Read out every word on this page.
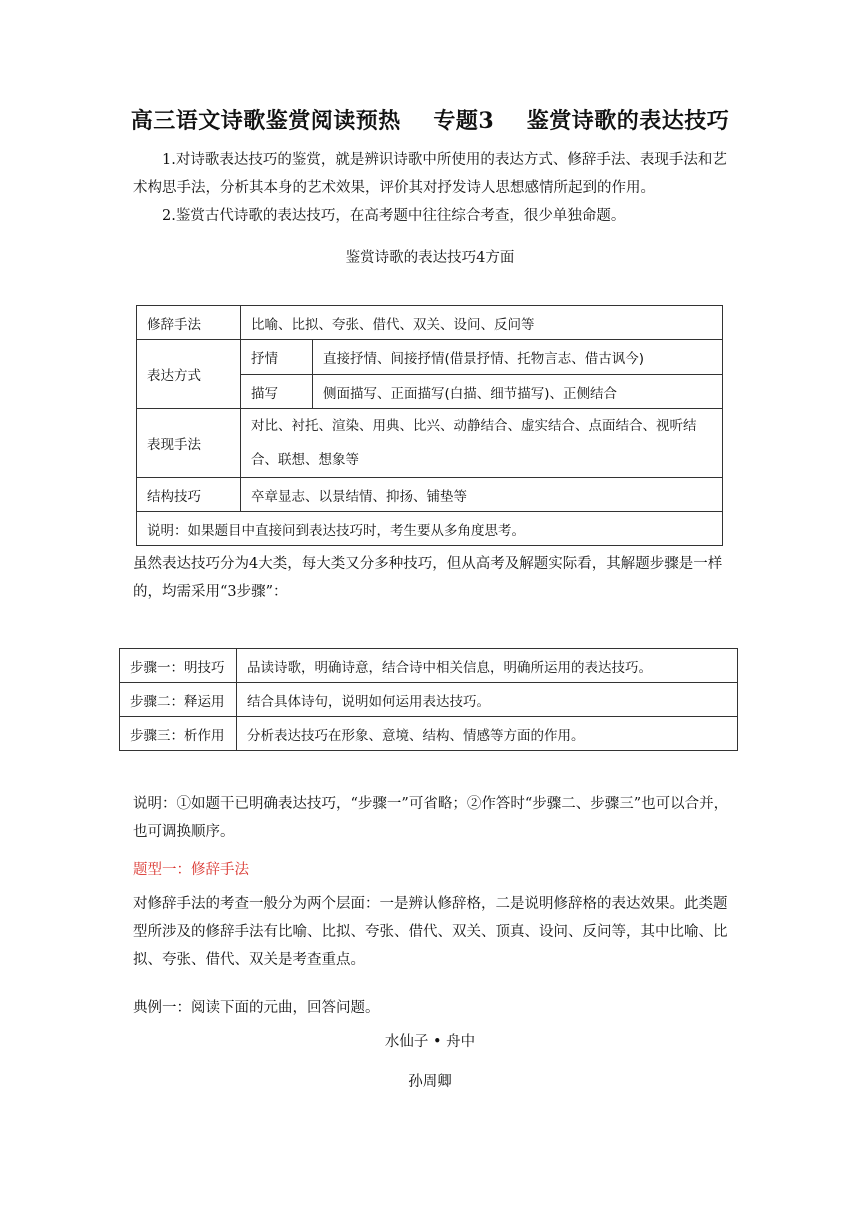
高三语文诗歌鉴赏阅读预热    专题3    鉴赏诗歌的表达技巧
1.对诗歌表达技巧的鉴赏，就是辨识诗歌中所使用的表达方式、修辞手法、表现手法和艺术构思手法，分析其本身的艺术效果，评价其对抒发诗人思想感情所起到的作用。
2.鉴赏古代诗歌的表达技巧，在高考题中往往综合考查，很少单独命题。
鉴赏诗歌的表达技巧4方面
修辞手法	比喻、比拟、夸张、借代、双关、设问、反问等	
表达方式	抒情	直接抒情、间接抒情(借景抒情、托物言志、借古讽今)
	描写	侧面描写、正面描写(白描、细节描写)、正侧结合
表现手法	对比、衬托、渲染、用典、比兴、动静结合、虚实结合、点面结合、视听结合、联想、想象等	
结构技巧	卒章显志、以景结情、抑扬、铺垫等	
说明：如果题目中直接问到表达技巧时，考生要从多角度思考。		
虽然表达技巧分为4大类，每大类又分多种技巧，但从高考及解题实际看，其解题步骤是一样的，均需采用“3步骤”：
步骤一：明技巧	品读诗歌，明确诗意，结合诗中相关信息，明确所运用的表达技巧。
步骤二：释运用	结合具体诗句，说明如何运用表达技巧。
步骤三：析作用	分析表达技巧在形象、意境、结构、情感等方面的作用。
说明：①如题干已明确表达技巧，“步骤一”可省略；②作答时“步骤二、步骤三”也可以合并，也可调换顺序。
题型一：修辞手法
对修辞手法的考查一般分为两个层面：一是辨认修辞格，二是说明修辞格的表达效果。此类题型所涉及的修辞手法有比喻、比拟、夸张、借代、双关、顶真、设问、反问等，其中比喻、比拟、夸张、借代、双关是考查重点。
典例一：阅读下面的元曲，回答问题。
水仙子 • 舟中
孙周卿
